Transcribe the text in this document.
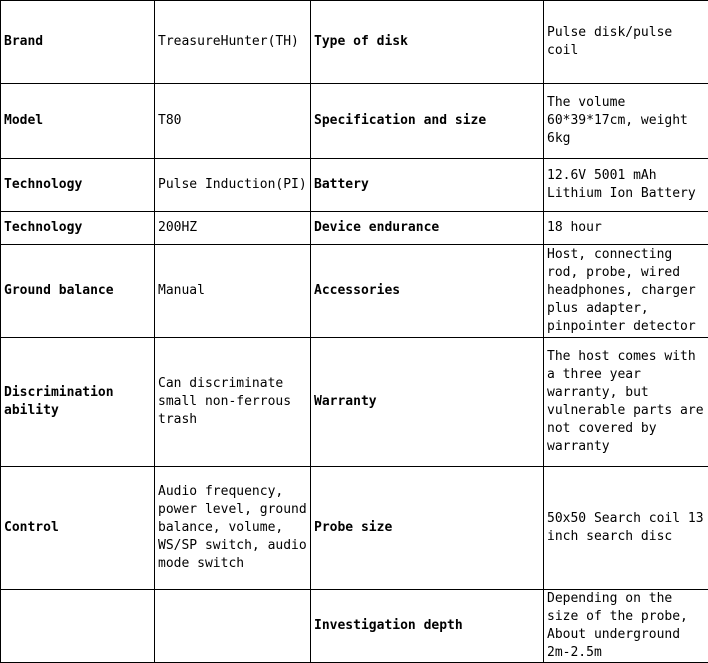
Brand	TreasureHunter(TH)	Type of disk	Pulse disk/pulse coil
Model	T80	Specification and size	The volume 60*39*17cm, weight 6kg
Technology	Pulse Induction(PI)	Battery	12.6V 5001 mAh Lithium Ion Battery
Technology	200HZ	Device endurance	18 hour
Ground balance	Manual	Accessories	Host, connecting rod, probe, wired headphones, charger plus adapter, pinpointer detector
Discrimination ability	Can discriminate small non-ferrous trash	Warranty	The host comes with a three year warranty, but vulnerable parts are not covered by warranty
Control	Audio frequency, power level, ground balance, volume, WS/SP switch, audio mode switch	Probe size	50x50 Search coil 13 inch search disc
		Investigation depth	Depending on the size of the probe, About underground 2m-2.5m
